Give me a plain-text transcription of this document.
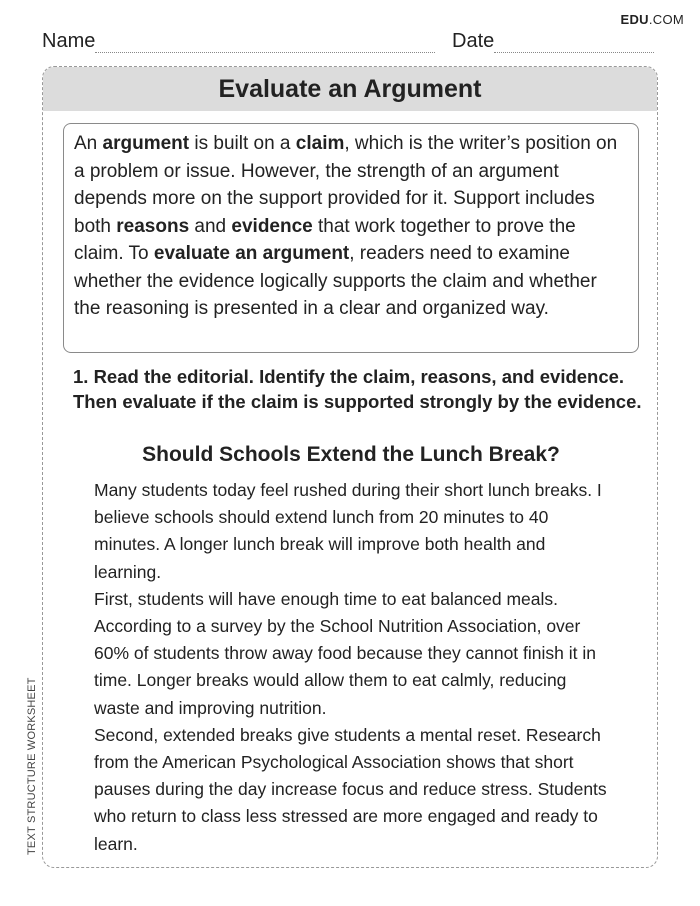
EDU.COM
Name	Date
Evaluate an Argument
An argument is built on a claim, which is the writer’s position on a problem or issue. However, the strength of an argument depends more on the support provided for it. Support includes both reasons and evidence that work together to prove the claim. To evaluate an argument, readers need to examine whether the evidence logically supports the claim and whether the reasoning is presented in a clear and organized way.
1. Read the editorial. Identify the claim, reasons, and evidence. Then evaluate if the claim is supported strongly by the evidence.
Should Schools Extend the Lunch Break?

Many students today feel rushed during their short lunch breaks. I believe schools should extend lunch from 20 minutes to 40 minutes. A longer lunch break will improve both health and learning.

First, students will have enough time to eat balanced meals. According to a survey by the School Nutrition Association, over 60% of students throw away food because they cannot finish it in time. Longer breaks would allow them to eat calmly, reducing waste and improving nutrition.

Second, extended breaks give students a mental reset. Research from the American Psychological Association shows that short pauses during the day increase focus and reduce stress. Students who return to class less stressed are more engaged and ready to learn.

TEXT STRUCTURE WORKSHEET
